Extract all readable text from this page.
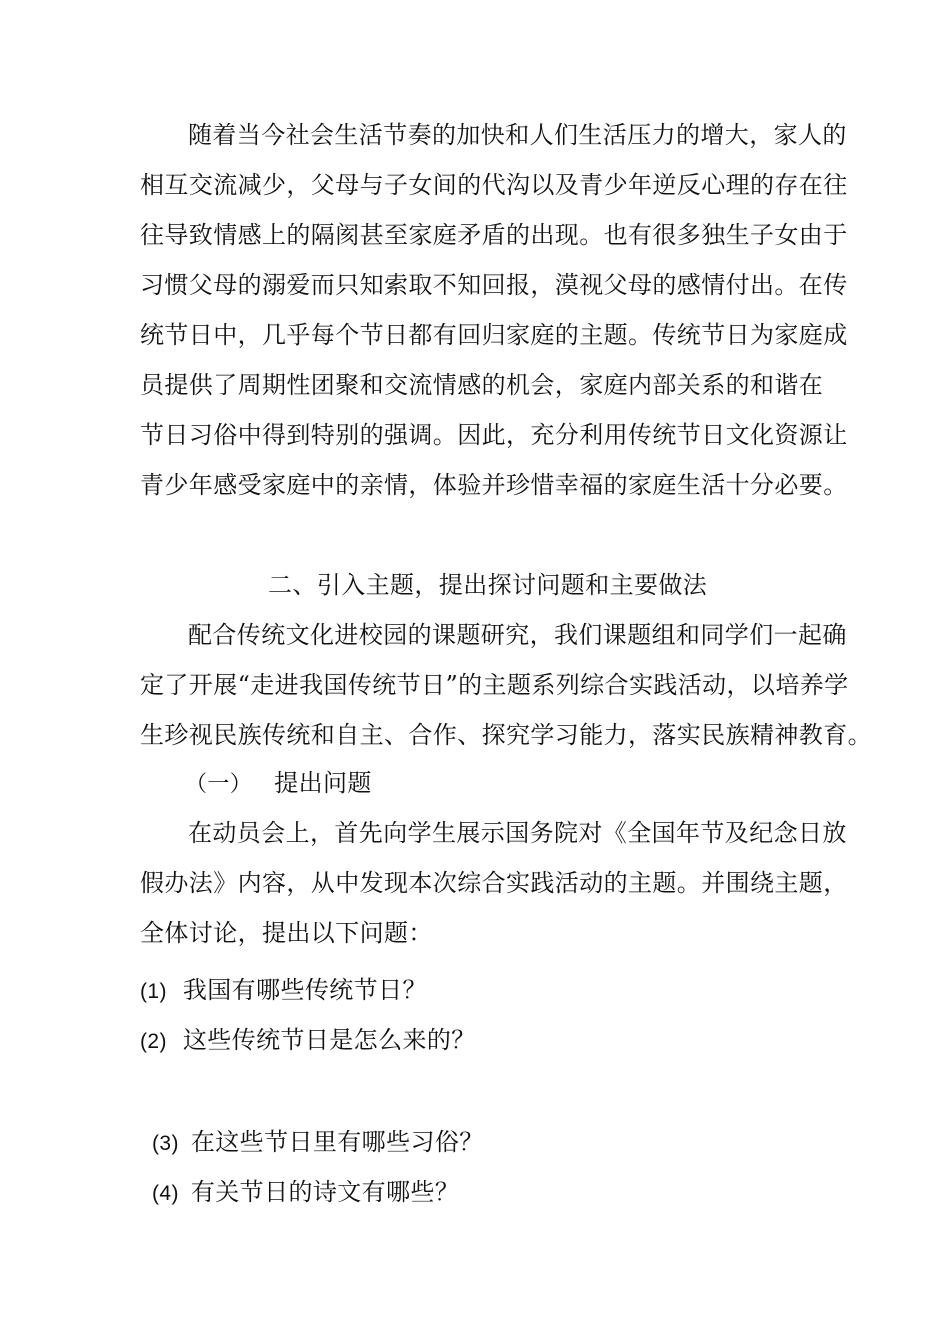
随着当今社会生活节奏的加快和人们生活压力的增大，家人的
相互交流减少，父母与子女间的代沟以及青少年逆反心理的存在往
往导致情感上的隔阂甚至家庭矛盾的出现。也有很多独生子女由于
习惯父母的溺爱而只知索取不知回报，漠视父母的感情付出。在传
统节日中，几乎每个节日都有回归家庭的主题。传统节日为家庭成
员提供了周期性团聚和交流情感的机会，家庭内部关系的和谐在
节日习俗中得到特别的强调。因此，充分利用传统节日文化资源让
青少年感受家庭中的亲情，体验并珍惜幸福的家庭生活十分必要。
二、引入主题，提出探讨问题和主要做法
配合传统文化进校园的课题研究，我们课题组和同学们一起确
定了开展“走进我国传统节日”的主题系列综合实践活动，以培养学
生珍视民族传统和自主、合作、探究学习能力，落实民族精神教育。
（一） 提出问题
在动员会上，首先向学生展示国务院对《全国年节及纪念日放
假办法》内容，从中发现本次综合实践活动的主题。并围绕主题，
全体讨论，提出以下问题：
(1) 我国有哪些传统节日？
(2) 这些传统节日是怎么来的？
(3) 在这些节日里有哪些习俗？
(4) 有关节日的诗文有哪些？
